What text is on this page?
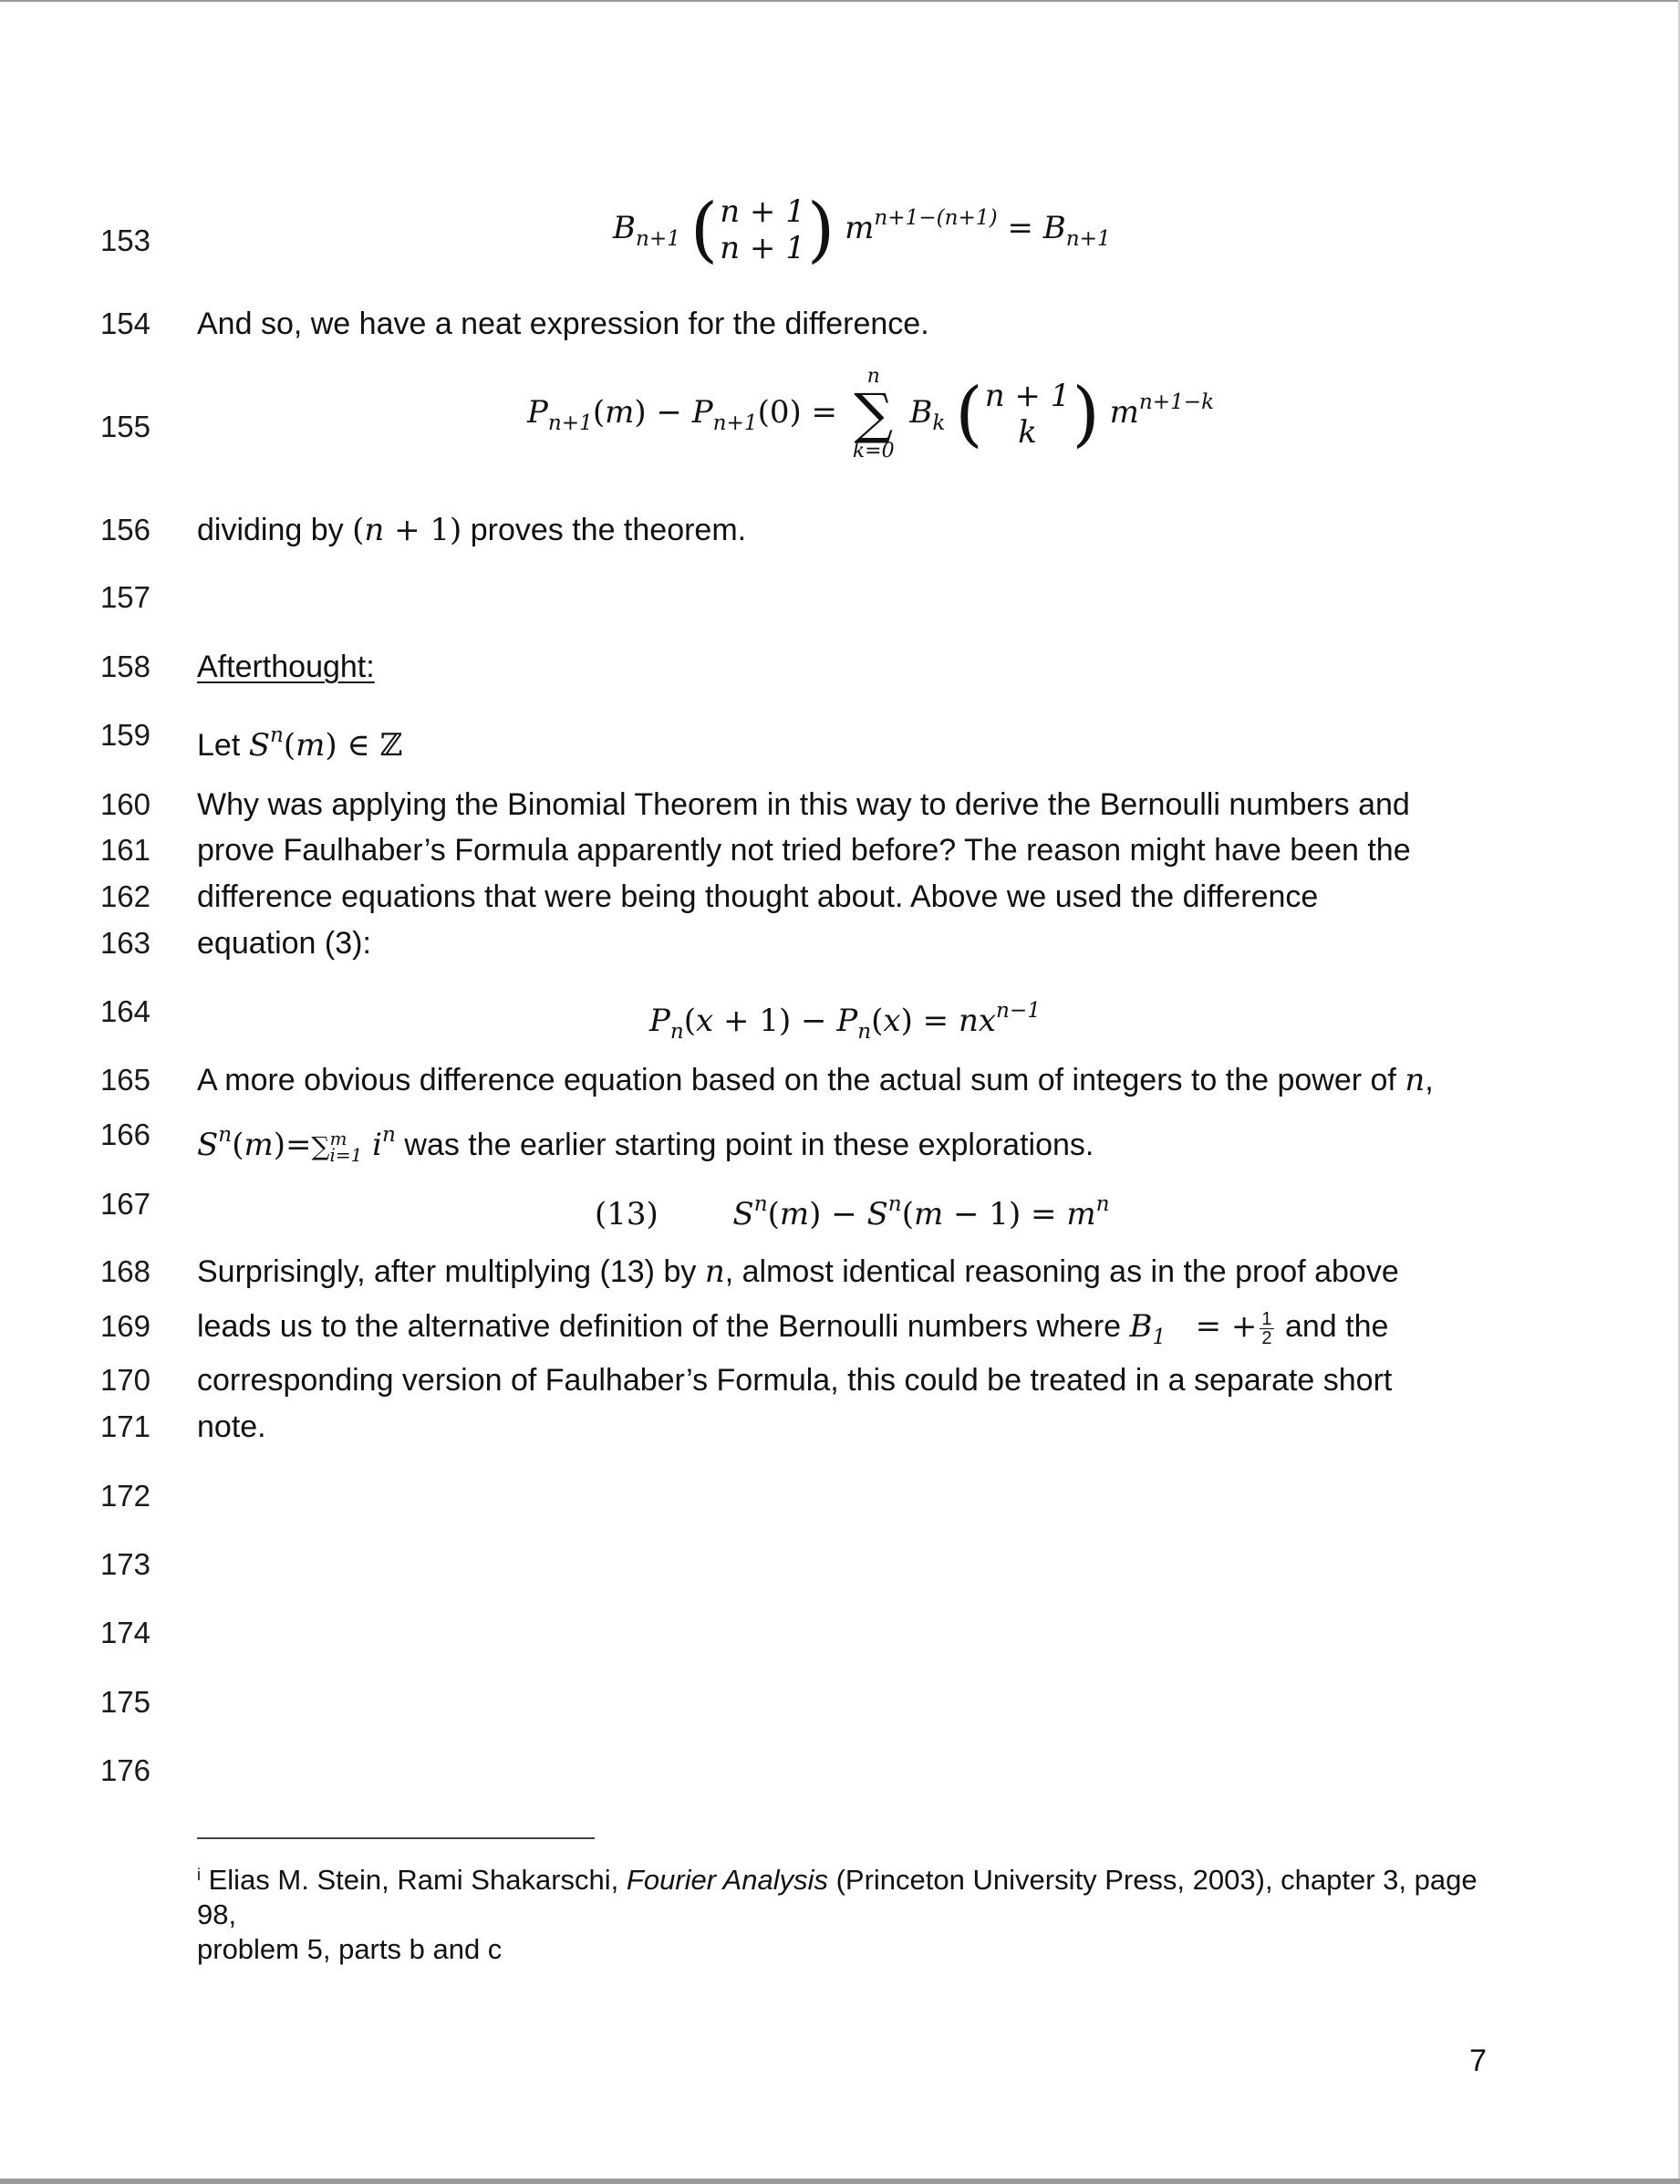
153
154
155
156
157
158
159
160
161
162
163
164
165
166
167
168
169
170
171
172
173
174
175
176
$B_{n+1}$ ( n + 1
n + 1 ) $m^{n+1-(n+1)} = B_{n+1}$
And so, we have a neat expression for the difference.
$P_{n+1}(m) - P_{n+1}(0)$ =
n
∑
k=0
$B_k$ ( n + 1
k ) $m^{n+1-k}$
dividing by (n + 1) proves the theorem.
Afterthought:
Let $S^n(m)$ ∈ ℤ
Why was applying the Binomial Theorem in this way to derive the Bernoulli numbers and
prove Faulhaber’s Formula apparently not tried before? The reason might have been the
difference equations that were being thought about. Above we used the difference
equation (3):
$P_n(x + 1) - P_n(x) = nx^{n-1}$
A more obvious difference equation based on the actual sum of integers to the power of n,
$S^n(m)=\sum$ m
i=1 $i^n$ was the earlier starting point in these explorations.
(13) $S^n(m) - S^n(m - 1) = m^n$
Surprisingly, after multiplying (13) by n, almost identical reasoning as in the proof above
leads us to the alternative definition of the Bernoulli numbers where $B_1$   = + $\frac{1}{2}$ and the
corresponding version of Faulhaber’s Formula, this could be treated in a separate short
note.
$^i$ Elias M. Stein, Rami Shakarschi, Fourier Analysis (Princeton University Press, 2003), chapter 3, page 98,
problem 5, parts b and c
7
